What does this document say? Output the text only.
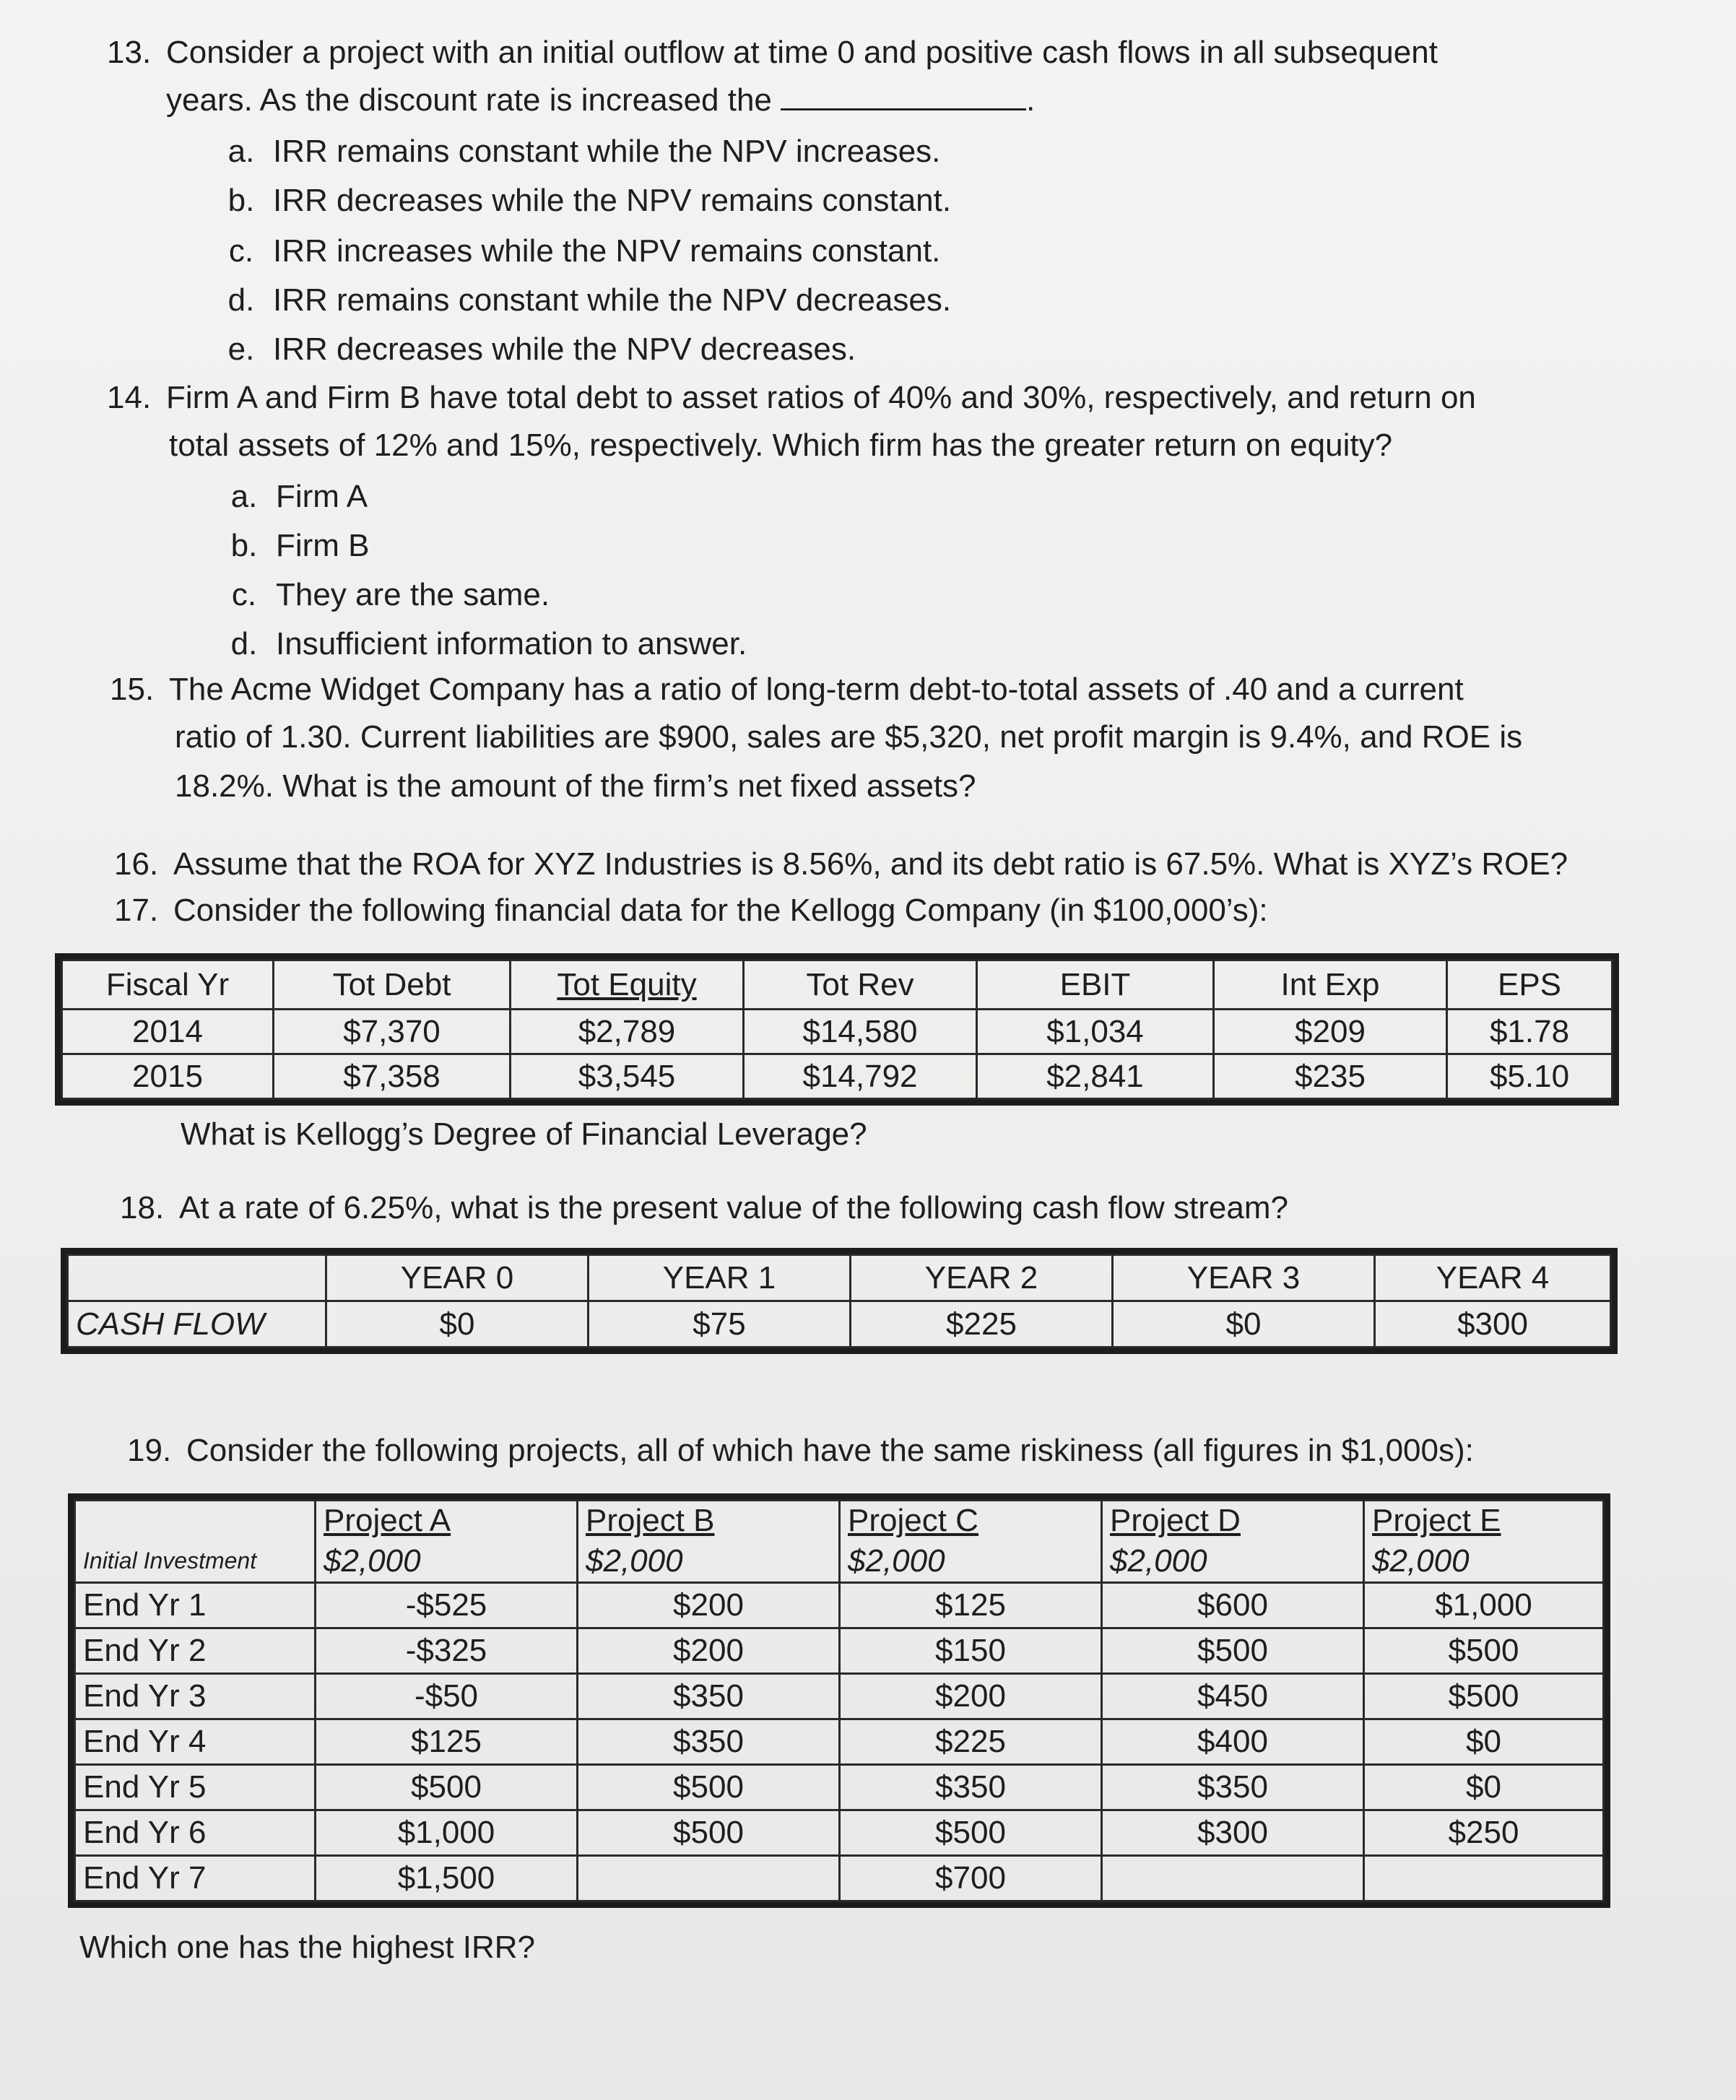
13. Consider a project with an initial outflow at time 0 and positive cash flows in all subsequent
years. As the discount rate is increased the	.
a. IRR remains constant while the NPV increases.
b. IRR decreases while the NPV remains constant.
c. IRR increases while the NPV remains constant.
d. IRR remains constant while the NPV decreases.
e. IRR decreases while the NPV decreases.
14. Firm A and Firm B have total debt to asset ratios of 40% and 30%, respectively, and return on
total assets of 12% and 15%, respectively. Which firm has the greater return on equity?
a. Firm A
b. Firm B
c. They are the same.
d. Insufficient information to answer.
15. The Acme Widget Company has a ratio of long-term debt-to-total assets of .40 and a current
ratio of 1.30. Current liabilities are $900, sales are $5,320, net profit margin is 9.4%, and ROE is
18.2%. What is the amount of the firm’s net fixed assets?
16. Assume that the ROA for XYZ Industries is 8.56%, and its debt ratio is 67.5%. What is XYZ’s ROE?
17. Consider the following financial data for the Kellogg Company (in $100,000’s):
Fiscal Yr	Tot Debt	Tot Equity	Tot Rev	EBIT	Int Exp	EPS
2014	$7,370	$2,789	$14,580	$1,034	$209	$1.78
2015	$7,358	$3,545	$14,792	$2,841	$235	$5.10
What is Kellogg’s Degree of Financial Leverage?
18. At a rate of 6.25%, what is the present value of the following cash flow stream?
	YEAR 0	YEAR 1	YEAR 2	YEAR 3	YEAR 4
CASH FLOW	$0	$75	$225	$0	$300
19. Consider the following projects, all of which have the same riskiness (all figures in $1,000s):
	Project A	Project B	Project C	Project D	Project E
Initial Investment	$2,000	$2,000	$2,000	$2,000	$2,000
End Yr 1	-$525	$200	$125	$600	$1,000
End Yr 2	-$325	$200	$150	$500	$500
End Yr 3	-$50	$350	$200	$450	$500
End Yr 4	$125	$350	$225	$400	$0
End Yr 5	$500	$500	$350	$350	$0
End Yr 6	$1,000	$500	$500	$300	$250
End Yr 7	$1,500		$700		
Which one has the highest IRR?
